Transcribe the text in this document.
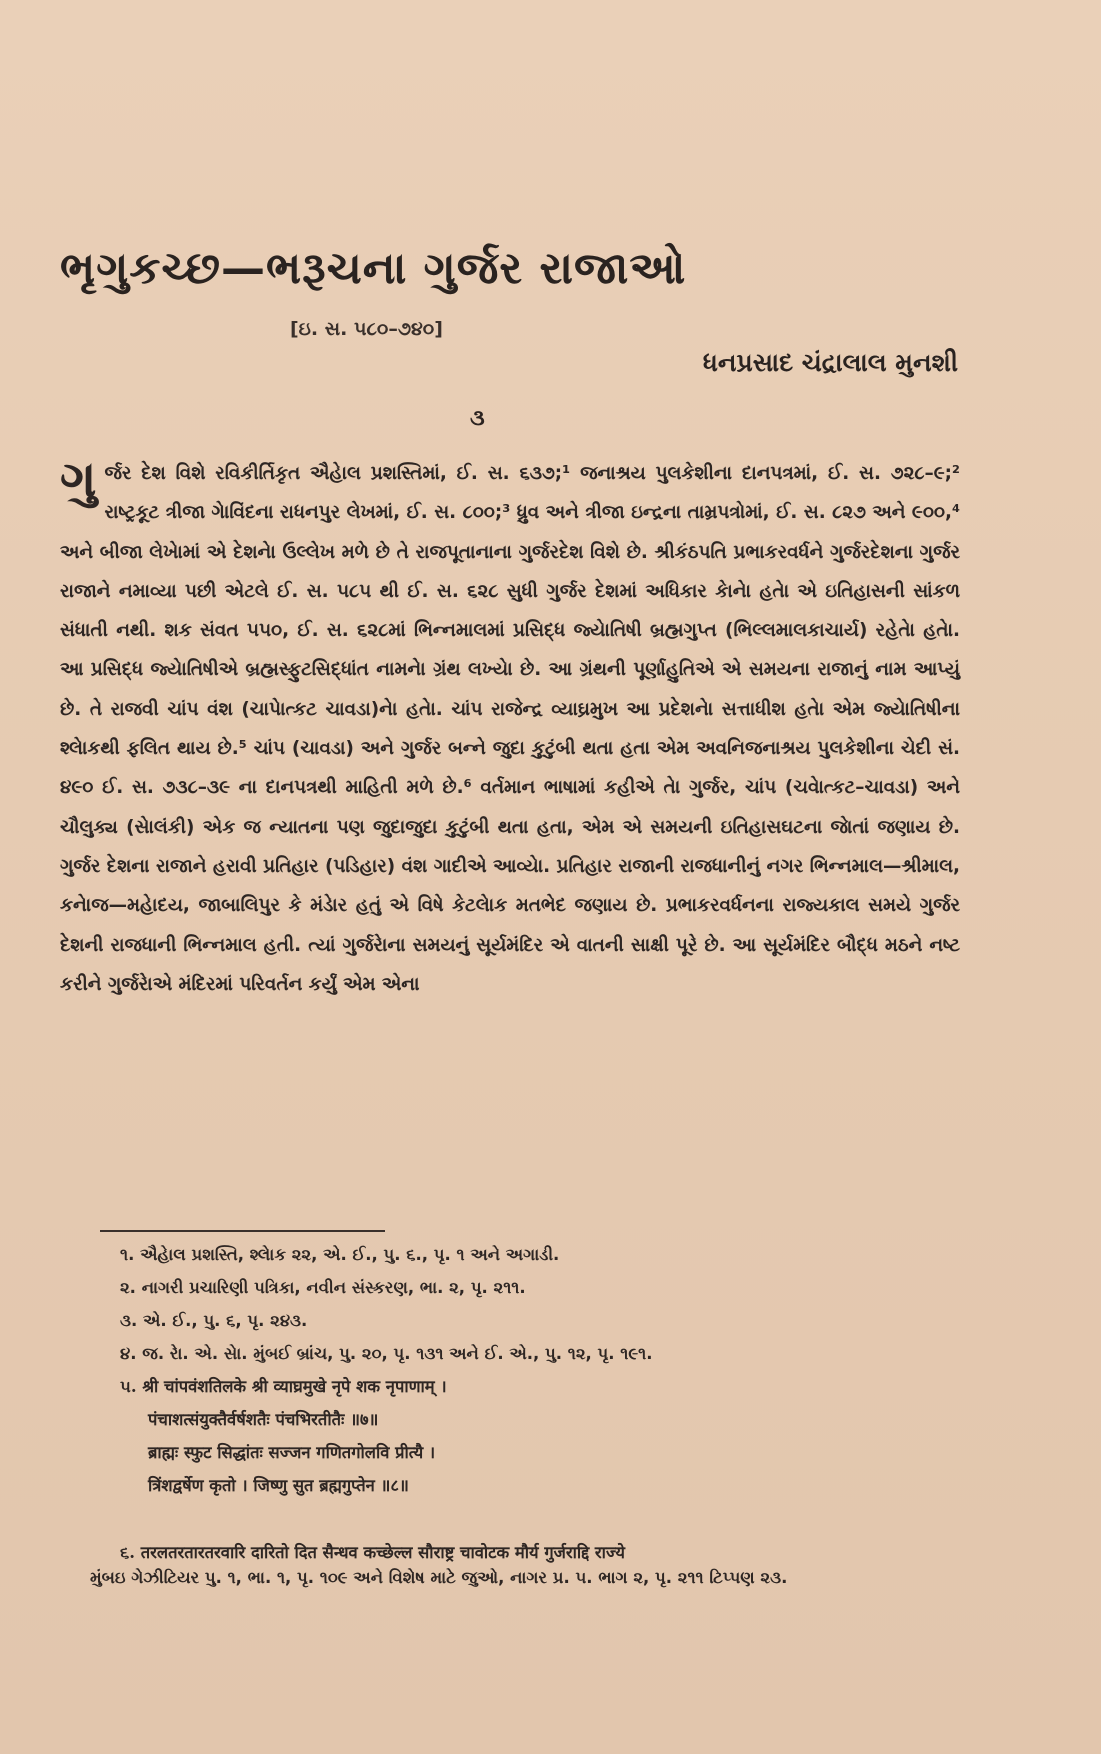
ભૃગુકચ્છ—ભરૂચના ગુર્જર રાજાઓ
[ઇ. સ. ૫૮૦–૭૪૦]
ધનપ્રસાદ ચંદ્રાલાલ મુનશી
૩
ગુ ર્જર દેશ વિશે રવિકીર્તિકૃત ઐહેાલ પ્રશસ્તિમાં, ઈ. સ. ૬૩૭;¹ જનાશ્રય પુલકેશીના દાનપત્રમાં, ઈ. સ. ૭૨૮–૯;² રાષ્ટ્રકૂટ ત્રીજા ગાેવિંદના રાધનપુર લેખમાં, ઈ. સ. ૮૦૦;³ ધ્રુવ અને ત્રીજા ઇન્દ્રના તામ્રપત્રોમાં, ઈ. સ. ૮૨૭ અને ૯૦૦,⁴ અને બીજા લેખાેમાં એ દેશનાે ઉલ્લેખ મળે છે તે રાજપૂતાનાના ગુર્જરદેશ વિશે છે. શ્રીકંઠપતિ પ્રભાકરવર્ધને ગુર્જરદેશના ગુર્જર રાજાને નમાવ્યા પછી એટલે ઈ. સ. ૫૮૫ થી ઈ. સ. ૬૨૮ સુધી ગુર્જર દેશમાં અધિકાર કાેનાે હતાે એ ઇતિહાસની સાંકળ સંધાતી નથી. શક સંવત ૫૫૦, ઈ. સ. ૬૨૮માં ભિન્નમાલમાં પ્રસિદ્ધ જ્યાેતિષી બ્રહ્મગુપ્ત (ભિલ્લમાલકાચાર્ય) રહેતાે હતાે. આ પ્રસિદ્ધ જ્યાેતિષીએ બ્રહ્મસ્ફુટસિદ્ધાંત નામનાે ગ્રંથ લખ્યાે છે. આ ગ્રંથની પૂર્ણાહુતિએ એ સમયના રાજાનું નામ આપ્યું છે. તે રાજવી ચાંપ વંશ (ચાપાેત્કટ ચાવડા)નાે હતાે. ચાંપ રાજેન્દ્ર વ્યાઘ્રમુખ આ પ્રદેશનાે સત્તાધીશ હતાે એમ જ્યાેતિષીના શ્લાેકથી ફલિત થાય છે.⁵ ચાંપ (ચાવડા) અને ગુર્જર બન્ને જુદા કુટુંબી થતા હતા એમ અવનિજનાશ્રય પુલકેશીના ચેદી સં. ૪૯૦ ઈ. સ. ૭૩૮–૩૯ ના દાનપત્રથી માહિતી મળે છે.⁶ વર્તમાન ભાષામાં કહીએ તાે ગુર્જર, ચાંપ (ચવાેત્કટ–ચાવડા) અને ચૌલુક્ય (સાેલંકી) એક જ ન્યાતના પણ જુદાજુદા કુટુંબી થતા હતા, એમ એ સમયની ઇતિહાસઘટના જાેતાં જણાય છે. ગુર્જર દેશના રાજાને હરાવી પ્રતિહાર (પડિહાર) વંશ ગાદીએ આવ્યાે. પ્રતિહાર રાજાની રાજધાનીનું નગર ભિન્નમાલ—શ્રીમાલ, કનાેજ—મહાેદય, જાબાલિપુર કે મંડાેર હતું એ વિષે કેટલાેક મતભેદ જણાય છે. પ્રભાકરવર્ધનના રાજ્યકાલ સમયે ગુર્જર દેશની રાજધાની ભિન્નમાલ હતી. ત્યાં ગુર્જરાેના સમયનું સૂર્યમંદિર એ વાતની સાક્ષી પૂરે છે. આ સૂર્યમંદિર બૌદ્ધ મઠને નષ્ટ કરીને ગુર્જરાેએ મંદિરમાં પરિવર્તન કર્યું એમ એના
૧. ઐહેાલ પ્રશસ્તિ, શ્લાેક ૨૨, એ. ઈ., પુ. ૬., પૃ. ૧ અને અગાડી.
૨. નાગરી પ્રચારિણી પત્રિકા, નવીન સંસ્કરણ, ભા. ૨, પૃ. ૨૧૧.
૩. એ. ઈ., પુ. ૬, પૃ. ૨૪૩.
૪. જ. રાે. એ. સાે. મુંબઈ બ્રાંચ, પુ. ૨૦, પૃ. ૧૩૧ અને ઈ. એ., પુ. ૧૨, પૃ. ૧૯૧.
૫. श्री चांपवंशतिलके श्री व्याघ्रमुखे नृपे शक नृपाणाम् ।
पंचाशत्संयुक्तैर्वर्षशतैः पंचभिरतीतैः ॥७॥
ब्राह्मः स्फुट सिद्धांतः सज्जन गणितगोलवि प्रीत्यै ।
त्रिंशद्वर्षेण कृतो । जिष्णु सुत ब्रह्मगुप्तेन ॥८॥
૬. तरलतरतारतरवारि दारितो दित सैन्धव कच्छेल्ल सौराष्ट्र चावोटक मौर्य गुर्जराद्दि राज्ये
મુંબઇ ગેઝીટિયર પુ. ૧, ભા. ૧, પૃ. ૧૦૯ અને વિશેષ માટે જુઓ, નાગર પ્ર. ૫. ભાગ ૨, પૃ. ૨૧૧ ટિપ્પણ ૨૩.
